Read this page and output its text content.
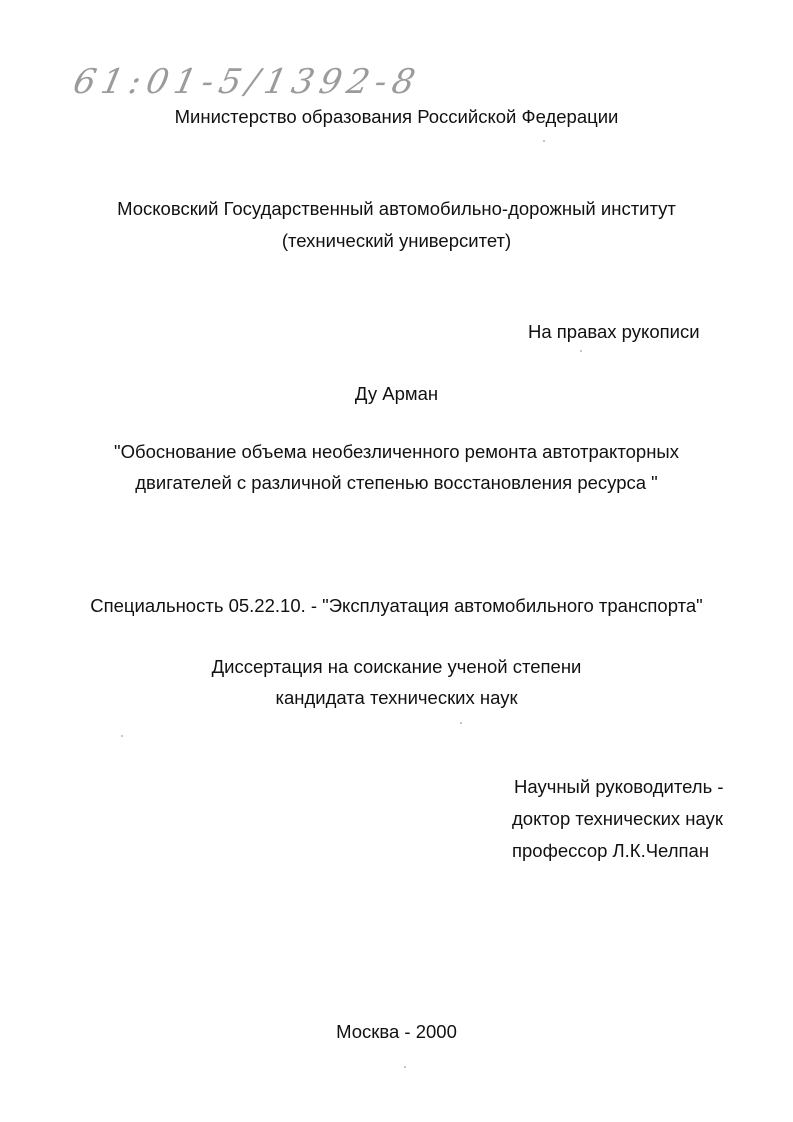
61:01-5/1392-8
Министерство образования Российской Федерации
Московский Государственный автомобильно-дорожный институт
(технический университет)
На правах рукописи
Ду Арман
"Обоснование объема необезличенного ремонта автотракторных
двигателей с различной степенью восстановления ресурса "
Специальность 05.22.10. - "Эксплуатация автомобильного транспорта"
Диссертация на соискание ученой степени
кандидата технических наук
Научный руководитель -
доктор технических наук
профессор Л.К.Челпан
Москва - 2000
